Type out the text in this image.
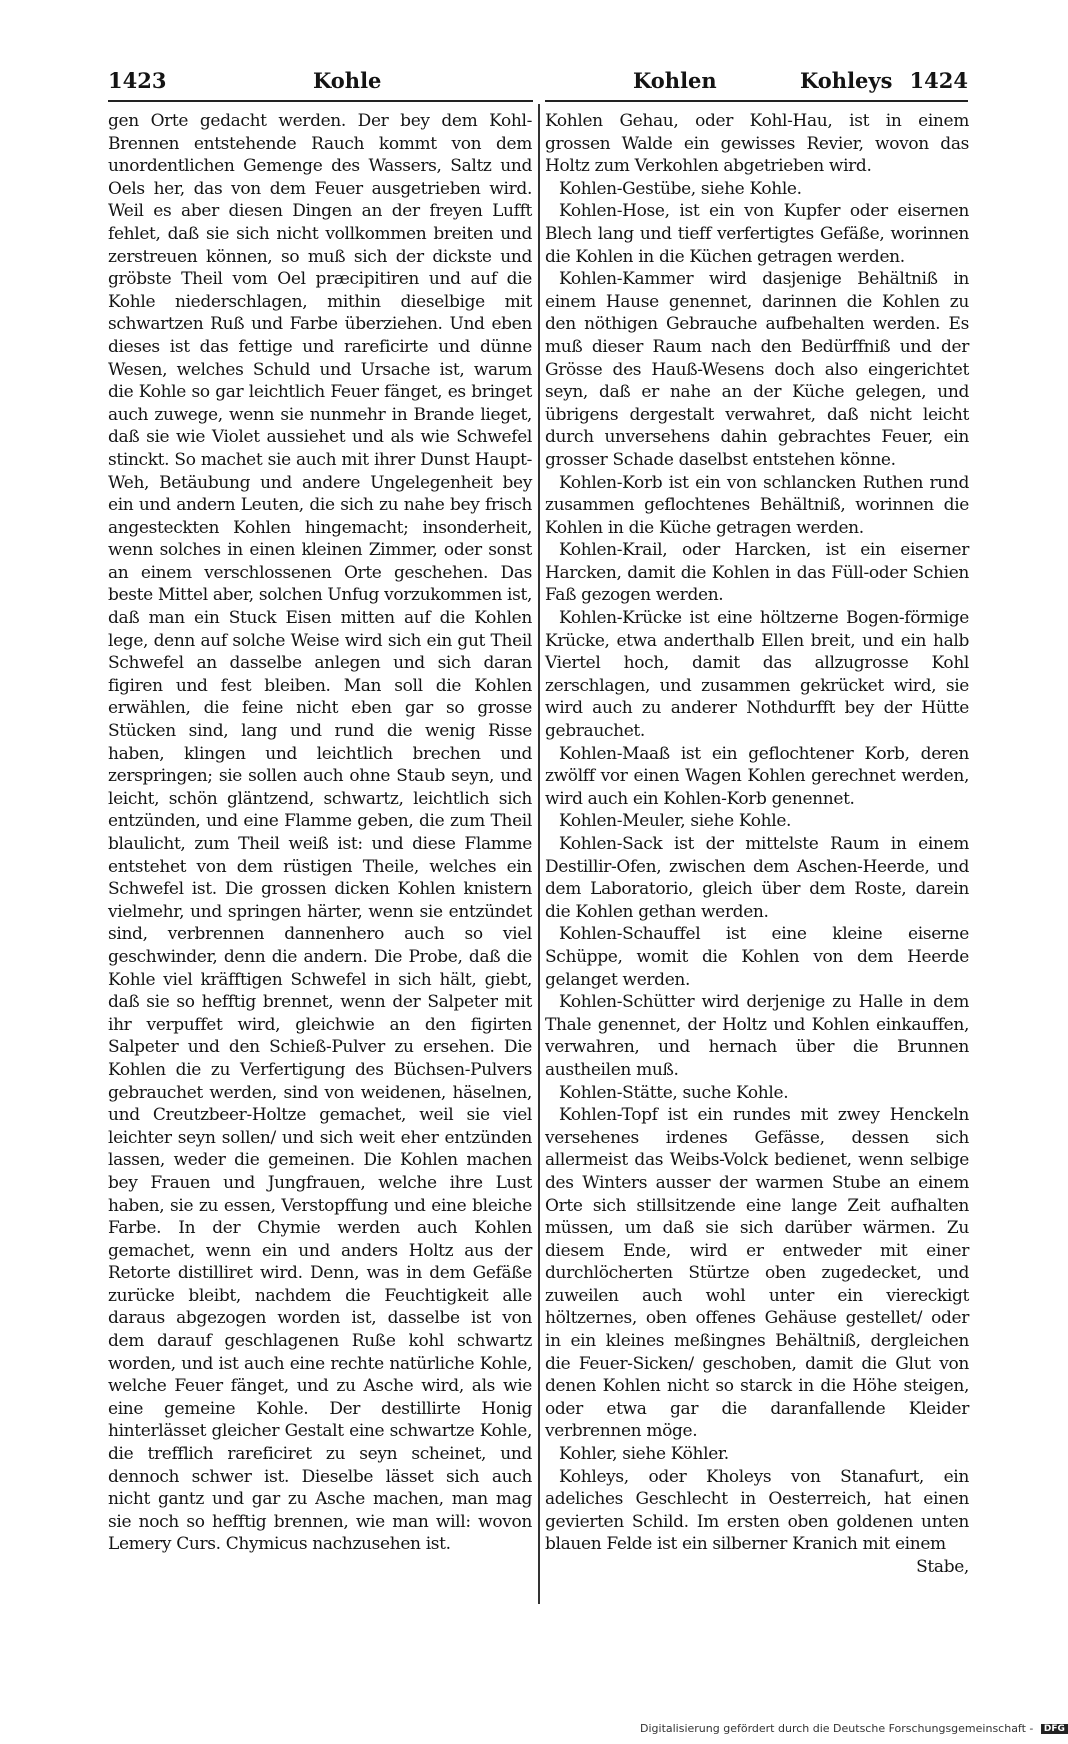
1423	Kohle	Kohlen	Kohleys 1424

gen Orte gedacht werden. Der bey dem Kohl-Brennen entstehende Rauch kommt von dem unordentlichen Gemenge des Wassers, Saltz und Oels her, das von dem Feuer ausgetrieben wird. Weil es aber diesen Dingen an der freyen Lufft fehlet, daß sie sich nicht vollkommen breiten und zerstreuen können, so muß sich der dickste und gröbste Theil vom Oel præcipitiren und auf die Kohle niederschlagen, mithin dieselbige mit schwartzen Ruß und Farbe überziehen. Und eben dieses ist das fettige und rareficirte und dünne Wesen, welches Schuld und Ursache ist, warum die Kohle so gar leichtlich Feuer fänget, es bringet auch zuwege, wenn sie nunmehr in Brande lieget, daß sie wie Violet aussiehet und als wie Schwefel stinckt. So machet sie auch mit ihrer Dunst Haupt-Weh, Betäubung und andere Ungelegenheit bey ein und andern Leuten, die sich zu nahe bey frisch angesteckten Kohlen hingemacht; insonderheit, wenn solches in einen kleinen Zimmer, oder sonst an einem verschlossenen Orte geschehen. Das beste Mittel aber, solchen Unfug vorzukommen ist, daß man ein Stuck Eisen mitten auf die Kohlen lege, denn auf solche Weise wird sich ein gut Theil Schwefel an dasselbe anlegen und sich daran figiren und fest bleiben. Man soll die Kohlen erwählen, die feine nicht eben gar so grosse Stücken sind, lang und rund die wenig Risse haben, klingen und leichtlich brechen und zerspringen; sie sollen auch ohne Staub seyn, und leicht, schön gläntzend, schwartz, leichtlich sich entzünden, und eine Flamme geben, die zum Theil blaulicht, zum Theil weiß ist: und diese Flamme entstehet von dem rüstigen Theile, welches ein Schwefel ist. Die grossen dicken Kohlen knistern vielmehr, und springen härter, wenn sie entzündet sind, verbrennen dannenhero auch so viel geschwinder, denn die andern. Die Probe, daß die Kohle viel kräfftigen Schwefel in sich hält, giebt, daß sie so hefftig brennet, wenn der Salpeter mit ihr verpuffet wird, gleichwie an den figirten Salpeter und den Schieß-Pulver zu ersehen. Die Kohlen die zu Verfertigung des Büchsen-Pulvers gebrauchet werden, sind von weidenen, häselnen, und Creutzbeer-Holtze gemachet, weil sie viel leichter seyn sollen/ und sich weit eher entzünden lassen, weder die gemeinen. Die Kohlen machen bey Frauen und Jungfrauen, welche ihre Lust haben, sie zu essen, Verstopffung und eine bleiche Farbe. In der Chymie werden auch Kohlen gemachet, wenn ein und anders Holtz aus der Retorte distilliret wird. Denn, was in dem Gefäße zurücke bleibt, nachdem die Feuchtigkeit alle daraus abgezogen worden ist, dasselbe ist von dem darauf geschlagenen Ruße kohl schwartz worden, und ist auch eine rechte natürliche Kohle, welche Feuer fänget, und zu Asche wird, als wie eine gemeine Kohle. Der destillirte Honig hinterlässet gleicher Gestalt eine schwartze Kohle, die trefflich rareficiret zu seyn scheinet, und dennoch schwer ist. Dieselbe lässet sich auch nicht gantz und gar zu Asche machen, man mag sie noch so hefftig brennen, wie man will: wovon Lemery Curs. Chymicus nachzusehen ist.

Kohlen Gehau, oder Kohl-Hau, ist in einem grossen Walde ein gewisses Revier, wovon das Holtz zum Verkohlen abgetrieben wird.

Kohlen-Gestübe, siehe Kohle.

Kohlen-Hose, ist ein von Kupfer oder eisernen Blech lang und tieff verfertigtes Gefäße, worinnen die Kohlen in die Küchen getragen werden.

Kohlen-Kammer wird dasjenige Behältniß in einem Hause genennet, darinnen die Kohlen zu den nöthigen Gebrauche aufbehalten werden. Es muß dieser Raum nach den Bedürffniß und der Grösse des Hauß-Wesens doch also eingerichtet seyn, daß er nahe an der Küche gelegen, und übrigens dergestalt verwahret, daß nicht leicht durch unversehens dahin gebrachtes Feuer, ein grosser Schade daselbst entstehen könne.

Kohlen-Korb ist ein von schlancken Ruthen rund zusammen geflochtenes Behältniß, worinnen die Kohlen in die Küche getragen werden.

Kohlen-Krail, oder Harcken, ist ein eiserner Harcken, damit die Kohlen in das Füll-oder Schien Faß gezogen werden.

Kohlen-Krücke ist eine höltzerne Bogen-förmige Krücke, etwa anderthalb Ellen breit, und ein halb Viertel hoch, damit das allzugrosse Kohl zerschlagen, und zusammen gekrücket wird, sie wird auch zu anderer Nothdurfft bey der Hütte gebrauchet.

Kohlen-Maaß ist ein geflochtener Korb, deren zwölff vor einen Wagen Kohlen gerechnet werden, wird auch ein Kohlen-Korb genennet.

Kohlen-Meuler, siehe Kohle.

Kohlen-Sack ist der mittelste Raum in einem Destillir-Ofen, zwischen dem Aschen-Heerde, und dem Laboratorio, gleich über dem Roste, darein die Kohlen gethan werden.

Kohlen-Schauffel ist eine kleine eiserne Schüppe, womit die Kohlen von dem Heerde gelanget werden.

Kohlen-Schütter wird derjenige zu Halle in dem Thale genennet, der Holtz und Kohlen einkauffen, verwahren, und hernach über die Brunnen austheilen muß.

Kohlen-Stätte, suche Kohle.

Kohlen-Topf ist ein rundes mit zwey Henckeln versehenes irdenes Gefässe, dessen sich allermeist das Weibs-Volck bedienet, wenn selbige des Winters ausser der warmen Stube an einem Orte sich stillsitzende eine lange Zeit aufhalten müssen, um daß sie sich darüber wärmen. Zu diesem Ende, wird er entweder mit einer durchlöcherten Stürtze oben zugedecket, und zuweilen auch wohl unter ein viereckigt höltzernes, oben offenes Gehäuse gestellet/ oder in ein kleines meßingnes Behältniß, dergleichen die Feuer-Sicken/ geschoben, damit die Glut von denen Kohlen nicht so starck in die Höhe steigen, oder etwa gar die daranfallende Kleider verbrennen möge.

Kohler, siehe Köhler.

Kohleys, oder Kholeys von Stanafurt, ein adeliches Geschlecht in Oesterreich, hat einen gevierten Schild. Im ersten oben goldenen unten blauen Felde ist ein silberner Kranich mit einem

Stabe,

Digitalisierung gefördert durch die Deutsche Forschungsgemeinschaft - DFG
